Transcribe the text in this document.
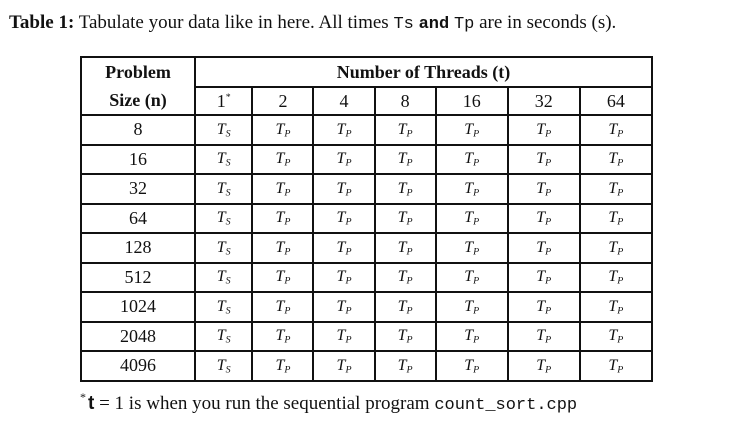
Table 1: Tabulate your data like in here. All times Ts and Tp are in seconds (s).
Problem
Size (n)	Number of Threads (t)						
	1*	2	4	8	16	32	64
8	$T_S$	$T_P$	$T_P$	$T_P$	$T_P$	$T_P$	$T_P$
16	$T_S$	$T_P$	$T_P$	$T_P$	$T_P$	$T_P$	$T_P$
32	$T_S$	$T_P$	$T_P$	$T_P$	$T_P$	$T_P$	$T_P$
64	$T_S$	$T_P$	$T_P$	$T_P$	$T_P$	$T_P$	$T_P$
128	$T_S$	$T_P$	$T_P$	$T_P$	$T_P$	$T_P$	$T_P$
512	$T_S$	$T_P$	$T_P$	$T_P$	$T_P$	$T_P$	$T_P$
1024	$T_S$	$T_P$	$T_P$	$T_P$	$T_P$	$T_P$	$T_P$
2048	$T_S$	$T_P$	$T_P$	$T_P$	$T_P$	$T_P$	$T_P$
4096	$T_S$	$T_P$	$T_P$	$T_P$	$T_P$	$T_P$	$T_P$
* t = 1 is when you run the sequential program count_sort.cpp
